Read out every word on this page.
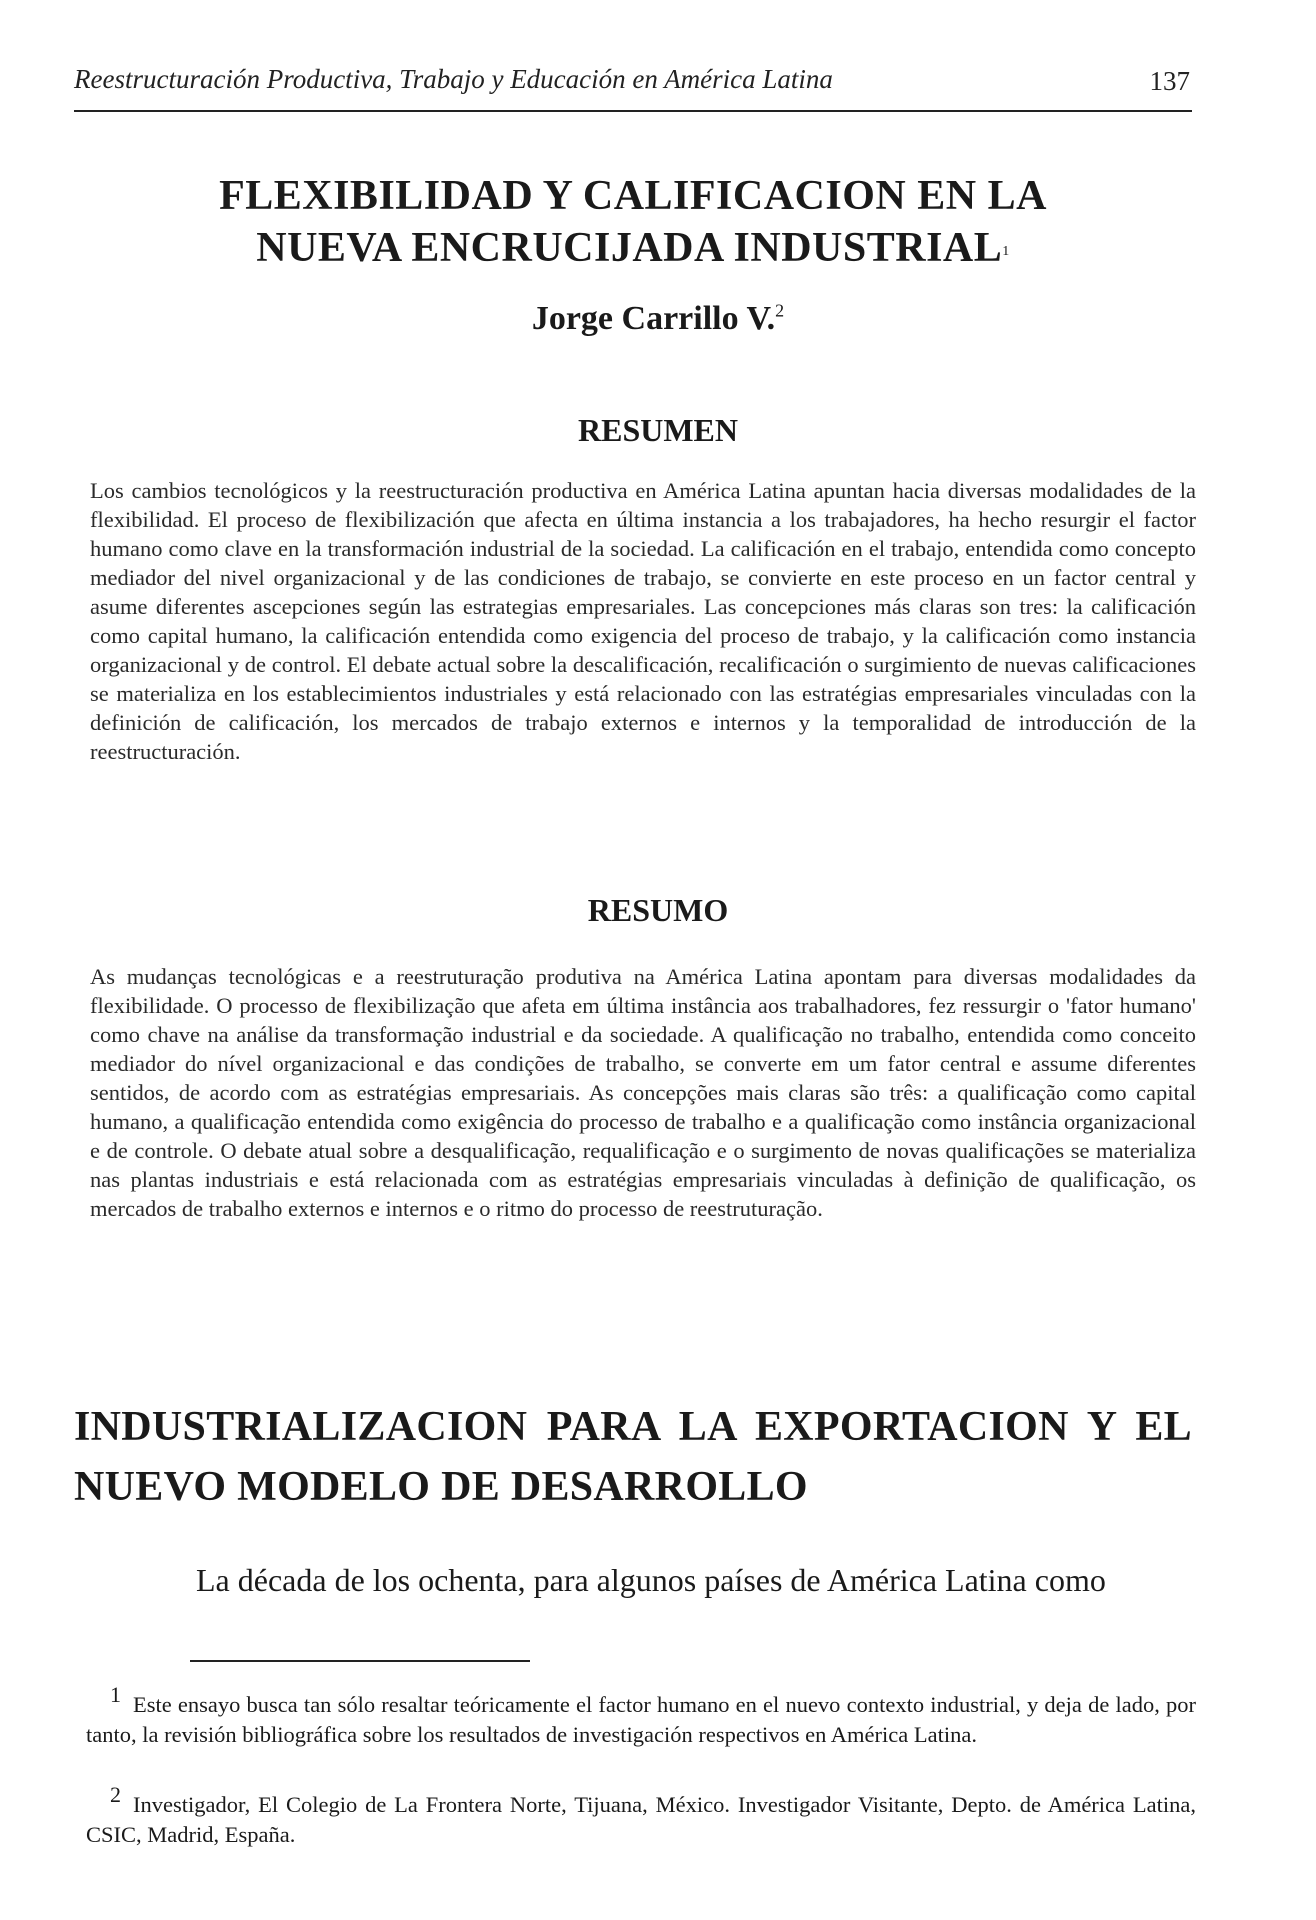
Reestructuración Productiva, Trabajo y Educación en América Latina	137
FLEXIBILIDAD Y CALIFICACION EN LA
NUEVA ENCRUCIJADA INDUSTRIAL$^1$
Jorge Carrillo V.$^2$
RESUMEN

Los cambios tecnológicos y la reestructuración productiva en América Latina apuntan hacia diversas modalidades de la flexibilidad. El proceso de flexibilización que afecta en última instancia a los trabajadores, ha hecho resurgir el factor humano como clave en la transformación industrial de la sociedad. La calificación en el trabajo, entendida como concepto mediador del nivel organizacional y de las condiciones de trabajo, se convierte en este proceso en un factor central y asume diferentes ascepciones según las estrategias empresariales. Las concepciones más claras son tres: la calificación como capital humano, la calificación entendida como exigencia del proceso de trabajo, y la calificación como instancia organizacional y de control. El debate actual sobre la descalificación, recalificación o surgimiento de nuevas calificaciones se materializa en los establecimientos industriales y está relacionado con las estratégias empresariales vinculadas con la definición de calificación, los mercados de trabajo externos e internos y la temporalidad de introducción de la reestructuración.

RESUMO

As mudanças tecnológicas e a reestruturação produtiva na América Latina apontam para diversas modalidades da flexibilidade. O processo de flexibilização que afeta em última instância aos trabalhadores, fez ressurgir o 'fator humano' como chave na análise da transformação industrial e da sociedade. A qualificação no trabalho, entendida como conceito mediador do nível organizacional e das condições de trabalho, se converte em um fator central e assume diferentes sentidos, de acordo com as estratégias empresariais. As concepções mais claras são três: a qualificação como capital humano, a qualificação entendida como exigência do processo de trabalho e a qualificação como instância organizacional e de controle. O debate atual sobre a desqualificação, requalificação e o surgimento de novas qualificações se materializa nas plantas industriais e está relacionada com as estratégias empresariais vinculadas à definição de qualificação, os mercados de trabalho externos e internos e o ritmo do processo de reestruturação.

INDUSTRIALIZACION PARA LA EXPORTACION Y EL NUEVO MODELO DE DESARROLLO

La década de los ochenta, para algunos países de América Latina como

1 Este ensayo busca tan sólo resaltar teóricamente el factor humano en el nuevo contexto industrial, y deja de lado, por tanto, la revisión bibliográfica sobre los resultados de investigación respectivos en América Latina.

2 Investigador, El Colegio de La Frontera Norte, Tijuana, México. Investigador Visitante, Depto. de América Latina, CSIC, Madrid, España.
